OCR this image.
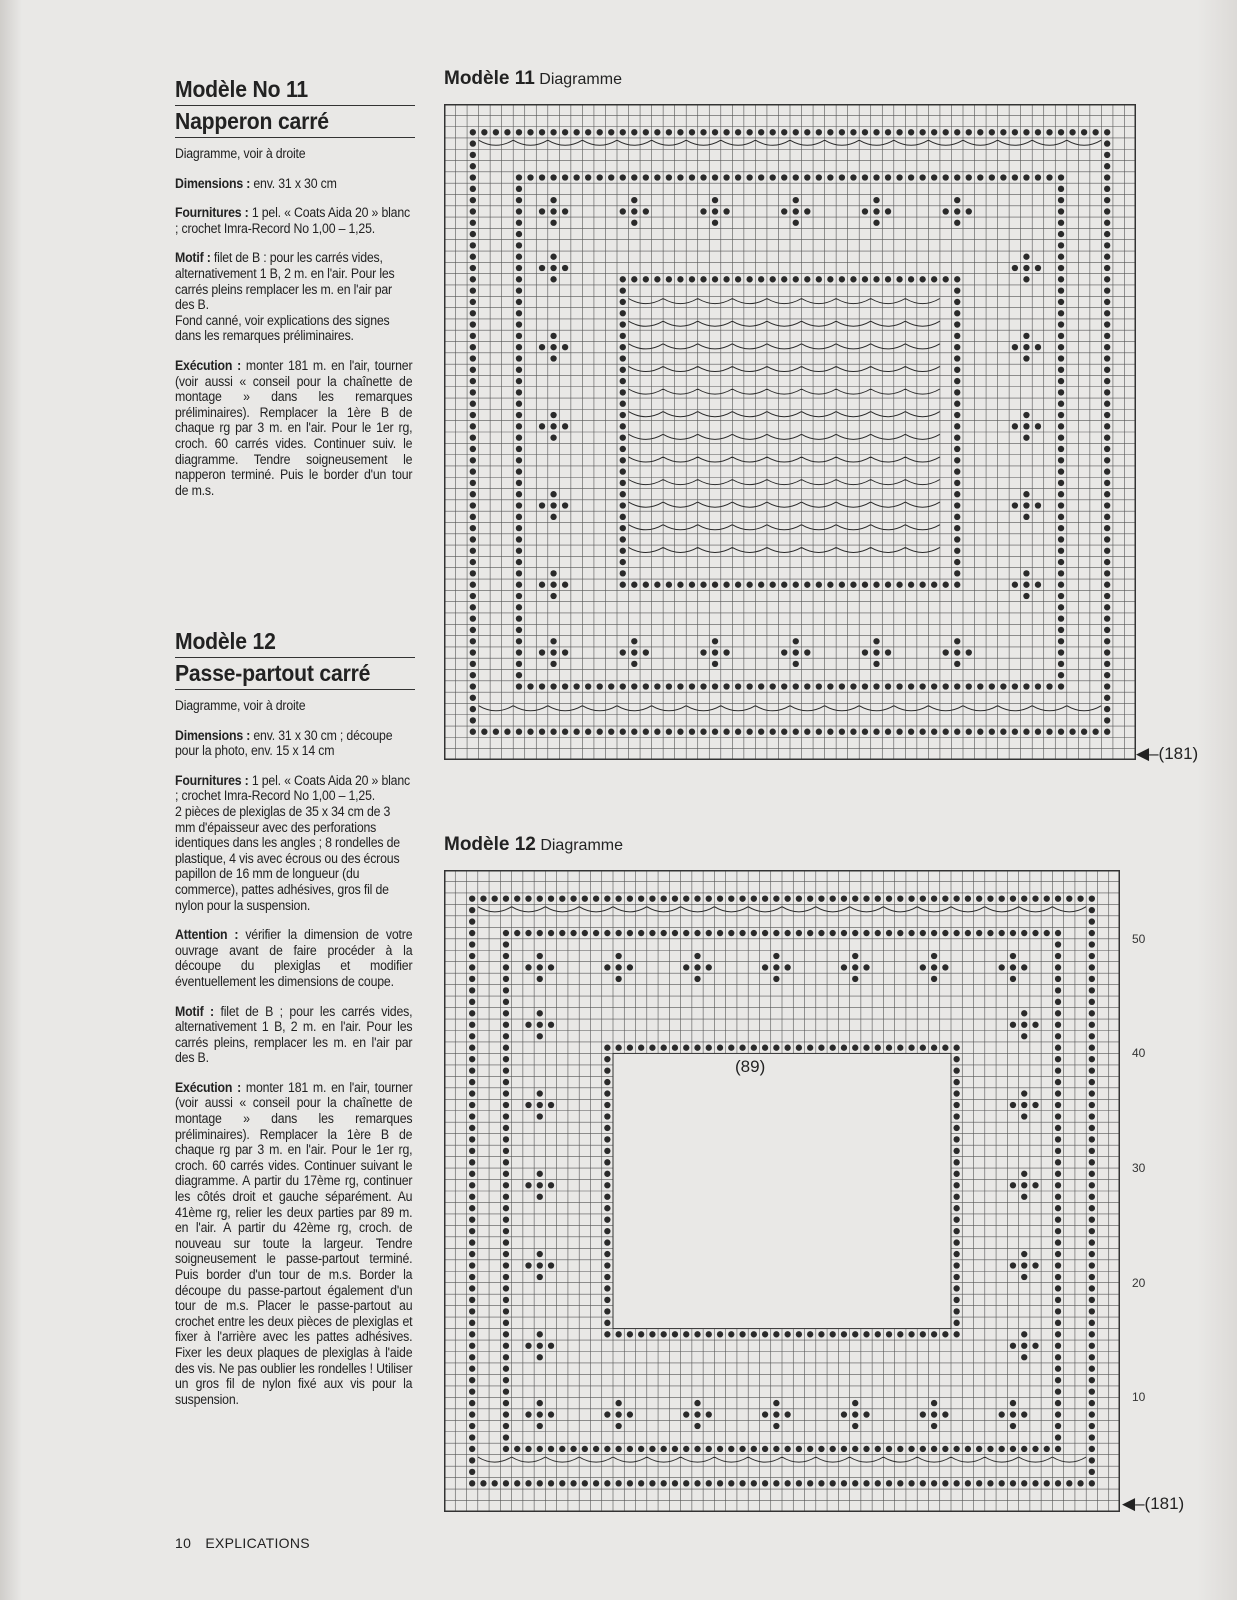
Modèle No 11
Napperon carré

Diagramme, voir à droite

Dimensions : env. 31 x 30 cm

Fournitures : 1 pel. « Coats Aida 20 » blanc ; crochet Imra-Record No 1,00 – 1,25.

Motif : filet de B : pour les carrés vides, alternativement 1 B, 2 m. en l'air. Pour les carrés pleins remplacer les m. en l'air par des B.
Fond canné, voir explications des signes dans les remarques préliminaires.

Exécution : monter 181 m. en l'air, tourner (voir aussi « conseil pour la chaînette de montage » dans les remarques préliminaires). Remplacer la 1ère B de chaque rg par 3 m. en l'air. Pour le 1er rg, croch. 60 carrés vides. Continuer suiv. le diagramme. Tendre soigneusement le napperon terminé. Puis le border d'un tour de m.s.

Modèle 12
Passe-partout carré

Diagramme, voir à droite

Dimensions : env. 31 x 30 cm ; découpe pour la photo, env. 15 x 14 cm

Fournitures : 1 pel. « Coats Aida 20 » blanc ; crochet Imra-Record No 1,00 – 1,25.
2 pièces de plexiglas de 35 x 34 cm de 3 mm d'épaisseur avec des perforations identiques dans les angles ; 8 rondelles de plastique, 4 vis avec écrous ou des écrous papillon de 16 mm de longueur (du commerce), pattes adhésives, gros fil de nylon pour la suspension.

Attention : vérifier la dimension de votre ouvrage avant de faire procéder à la découpe du plexiglas et modifier éventuellement les dimensions de coupe.

Motif : filet de B ; pour les carrés vides, alternativement 1 B, 2 m. en l'air. Pour les carrés pleins, remplacer les m. en l'air par des B.

Exécution : monter 181 m. en l'air, tourner (voir aussi « conseil pour la chaînette de montage » dans les remarques préliminaires). Remplacer la 1ère B de chaque rg par 3 m. en l'air. Pour le 1er rg, croch. 60 carrés vides. Continuer suivant le diagramme. A partir du 17ème rg, continuer les côtés droit et gauche séparément. Au 41ème rg, relier les deux parties par 89 m. en l'air. A partir du 42ème rg, croch. de nouveau sur toute la largeur. Tendre soigneusement le passe-partout terminé. Puis border d'un tour de m.s. Border la découpe du passe-partout également d'un tour de m.s. Placer le passe-partout au crochet entre les deux pièces de plexiglas et fixer à l'arrière avec les pattes adhésives. Fixer les deux plaques de plexiglas à l'aide des vis. Ne pas oublier les rondelles ! Utiliser un gros fil de nylon fixé aux vis pour la suspension.

Modèle 11 Diagramme
◀–(181)
Modèle 12 Diagramme
◀–(181)
(89)
50
40
30
20
10
10 EXPLICATIONS
